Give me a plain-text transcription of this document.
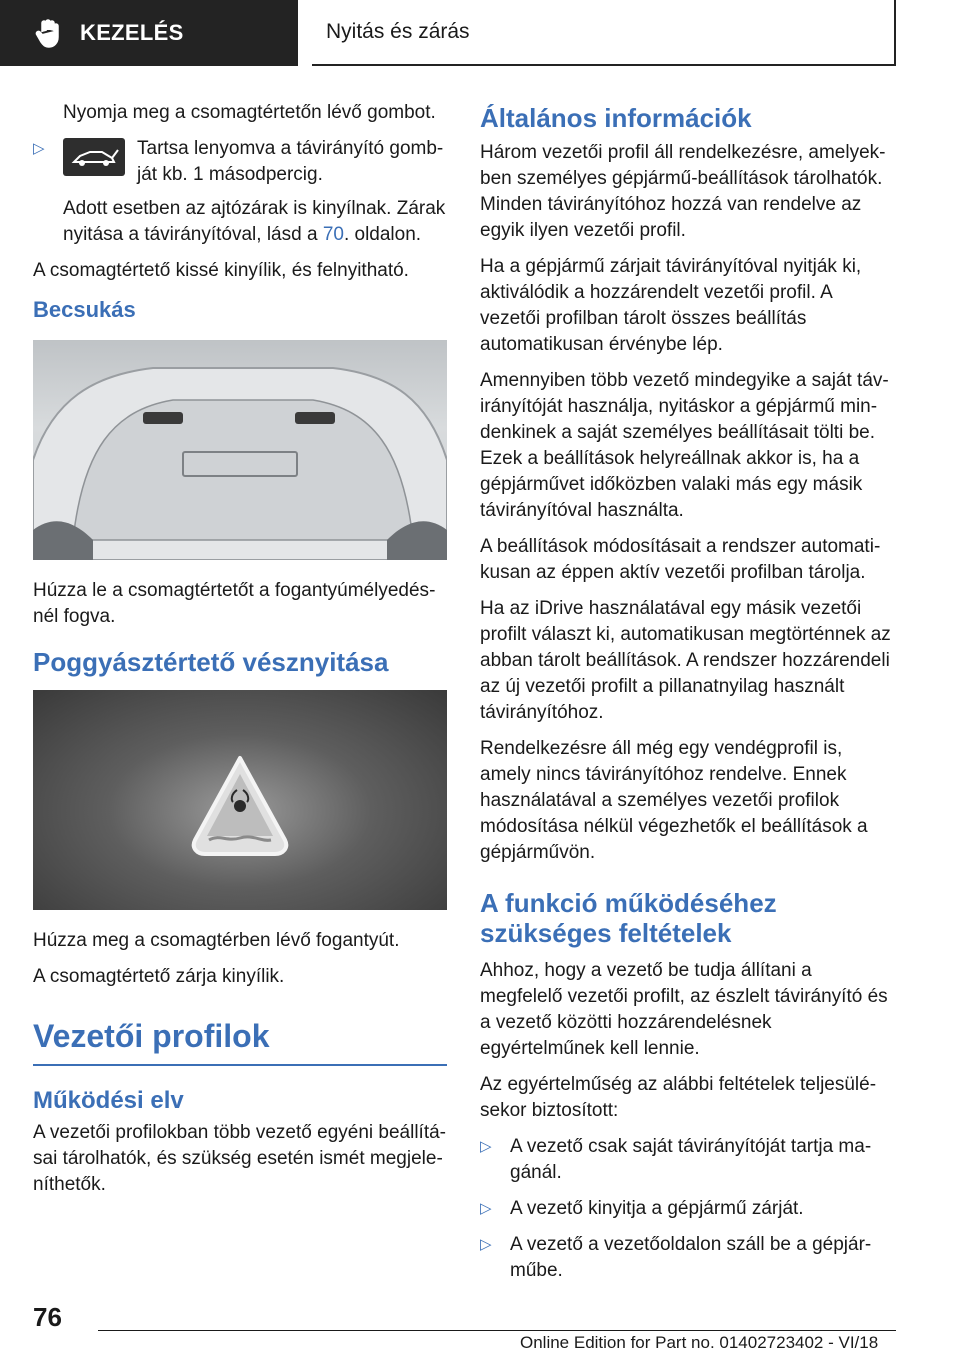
KEZELÉS	Nyitás és zárás

Nyomja meg a csomagtértetőn lévő gombot.

▷	Tartsa lenyomva a távirányító gombját kb. 1 másodpercig.

Adott esetben az ajtózárak is kinyílnak. Zárak nyitása a távirányítóval, lásd a 70. oldalon.

A csomagtértető kissé kinyílik, és felnyitható.

Becsukás

Húzza le a csomagtértetőt a fogantyúmélyedésnél fogva.

Poggyásztértető vésznyitása

Húzza meg a csomagtérben lévő fogantyút.

A csomagtértető zárja kinyílik.

Vezetői profilok
Működési elv

A vezetői profilokban több vezető egyéni beállításai tárolhatók, és szükség esetén ismét megjeleníthetők.

Általános információk

Három vezetői profil áll rendelkezésre, amelyekben személyes gépjármű-beállítások tárolhatók. Minden távirányítóhoz hozzá van rendelve az egyik ilyen vezetői profil.

Ha a gépjármű zárjait távirányítóval nyitják ki, aktiválódik a hozzárendelt vezetői profil. A vezetői profilban tárolt összes beállítás automatikusan érvénybe lép.

Amennyiben több vezető mindegyike a saját távirányítóját használja, nyitáskor a gépjármű mindenkinek a saját személyes beállításait tölti be. Ezek a beállítások helyreállnak akkor is, ha a gépjárművet időközben valaki más egy másik távirányítóval használta.

A beállítások módosításait a rendszer automatikusan az éppen aktív vezetői profilban tárolja.

Ha az iDrive használatával egy másik vezetői profilt választ ki, automatikusan megtörténnek az abban tárolt beállítások. A rendszer hozzárendeli az új vezetői profilt a pillanatnyilag használt távirányítóhoz.

Rendelkezésre áll még egy vendégprofil is, amely nincs távirányítóhoz rendelve. Ennek használatával a személyes vezetői profilok módosítása nélkül végezhetők el beállítások a gépjárművön.

A funkció működéséhez szükséges feltételek

Ahhoz, hogy a vezető be tudja állítani a megfelelő vezetői profilt, az észlelt távirányító és a vezető közötti hozzárendelésnek egyértelműnek kell lennie.

Az egyértelműség az alábbi feltételek teljesülésekor biztosított:

▷ A vezető csak saját távirányítóját tartja magánál.
▷ A vezető kinyitja a gépjármű zárját.
▷ A vezető a vezetőoldalon száll be a gépjárműbe.
76
Online Edition for Part no. 01402723402 - VI/18
